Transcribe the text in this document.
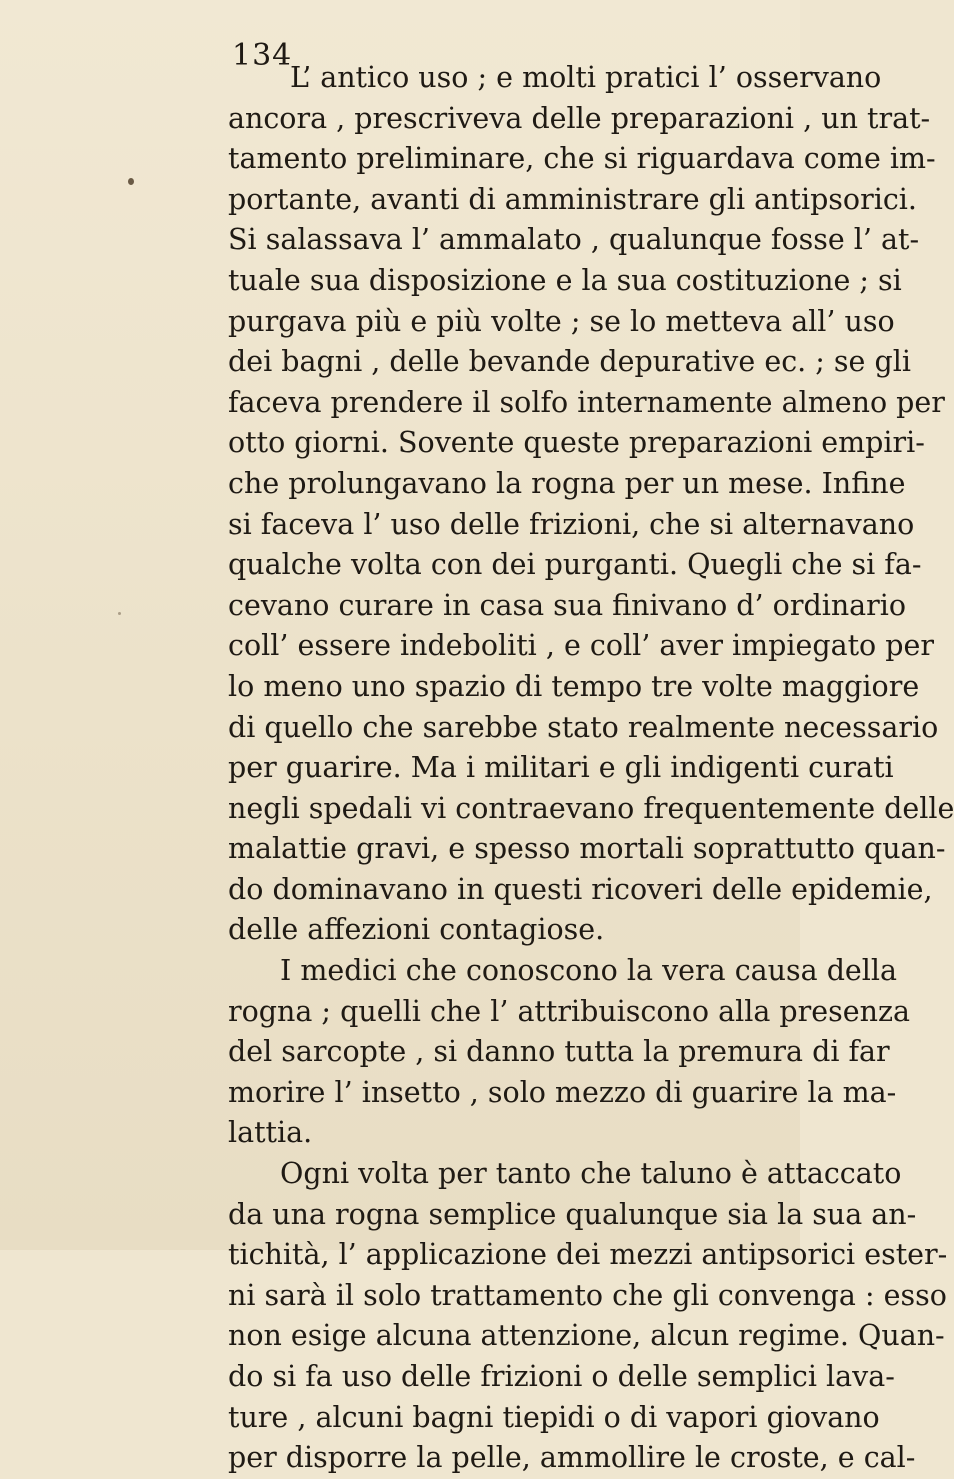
134
L’ antico uso ; e molti pratici l’ osservano
ancora , prescriveva delle preparazioni , un trat-
tamento preliminare, che si riguardava come im-
portante, avanti di amministrare gli antipsorici.
Si salassava l’ ammalato , qualunque fosse l’ at-
tuale sua disposizione e la sua costituzione ; si
purgava più e più volte ; se lo metteva all’ uso
dei bagni , delle bevande depurative ec. ; se gli
faceva prendere il solfo internamente almeno per
otto giorni. Sovente queste preparazioni empiri-
che prolungavano la rogna per un mese. Infine
si faceva l’ uso delle frizioni, che si alternavano
qualche volta con dei purganti. Quegli che si fa-
cevano curare in casa sua finivano d’ ordinario
coll’ essere indeboliti , e coll’ aver impiegato per
lo meno uno spazio di tempo tre volte maggiore
di quello che sarebbe stato realmente necessario
per guarire. Ma i militari e gli indigenti curati
negli spedali vi contraevano frequentemente delle
malattie gravi, e spesso mortali soprattutto quan-
do dominavano in questi ricoveri delle epidemie,
delle affezioni contagiose.
I medici che conoscono la vera causa della
rogna ; quelli che l’ attribuiscono alla presenza
del sarcopte , si danno tutta la premura di far
morire l’ insetto , solo mezzo di guarire la ma-
lattia.
Ogni volta per tanto che taluno è attaccato
da una rogna semplice qualunque sia la sua an-
tichità, l’ applicazione dei mezzi antipsorici ester-
ni sarà il solo trattamento che gli convenga : esso
non esige alcuna attenzione, alcun regime. Quan-
do si fa uso delle frizioni o delle semplici lava-
ture , alcuni bagni tiepidi o di vapori giovano
per disporre la pelle, ammollire le croste, e cal-
